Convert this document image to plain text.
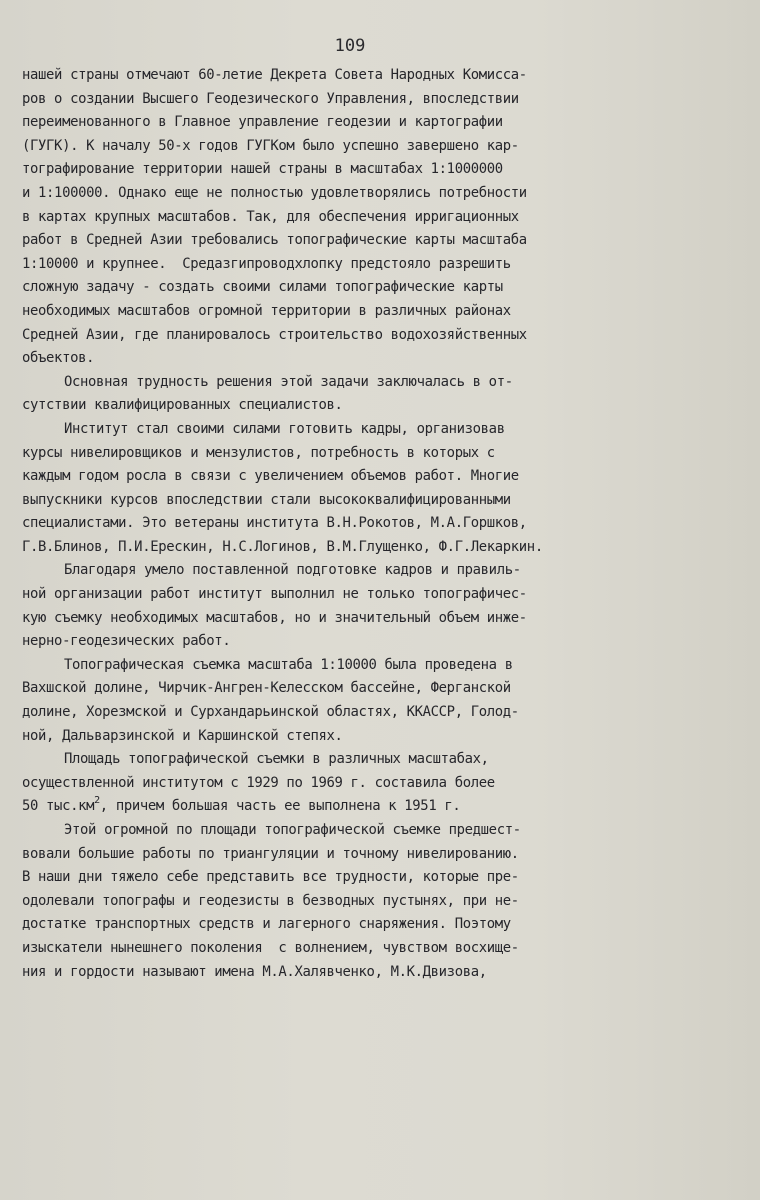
109
нашей страны отмечают 60-летие Декрета Совета Народных Комисса-
ров о создании Высшего Геодезического Управления, впоследствии
переименованного в Главное управление геодезии и картографии
(ГУГК). К началу 50-х годов ГУГКом было успешно завершено кар-
тографирование территории нашей страны в масштабах 1:1000000
и 1:100000. Однако еще не полностью удовлетворялись потребности
в картах крупных масштабов. Так, для обеспечения ирригационных
работ в Средней Азии требовались топографические карты масштаба
1:10000 и крупнее.  Средазгипроводхлопку предстояло разрешить
сложную задачу - создать своими силами топографические карты
необходимых масштабов огромной территории в различных районах
Средней Азии, где планировалось строительство водохозяйственных
объектов.
Основная трудность решения этой задачи заключалась в от-
сутствии квалифицированных специалистов.
Институт стал своими силами готовить кадры, организовав
курсы нивелировщиков и мензулистов, потребность в которых с
каждым годом росла в связи с увеличением объемов работ. Многие
выпускники курсов впоследствии стали высококвалифицированными
специалистами. Это ветераны института В.Н.Рокотов, М.А.Горшков,
Г.В.Блинов, П.И.Ерескин, Н.С.Логинов, В.М.Глущенко, Ф.Г.Лекаркин.
Благодаря умело поставленной подготовке кадров и правиль-
ной организации работ институт выполнил не только топографичес-
кую съемку необходимых масштабов, но и значительный объем инже-
нерно-геодезических работ.
Топографическая съемка масштаба 1:10000 была проведена в
Вахшской долине, Чирчик-Ангрен-Келесском бассейне, Ферганской
долине, Хорезмской и Сурхандарьинской областях, ККАССР, Голод-
ной, Дальварзинской и Каршинской степях.
Площадь топографической съемки в различных масштабах,
осуществленной институтом с 1929 по 1969 г. составила более
50 $тыс.км^2$, причем большая часть ее выполнена к 1951 г.
Этой огромной по площади топографической съемке предшест-
вовали большие работы по триангуляции и точному нивелированию.
В наши дни тяжело себе представить все трудности, которые пре-
одолевали топографы и геодезисты в безводных пустынях, при не-
достатке транспортных средств и лагерного снаряжения. Поэтому
изыскатели нынешнего поколения  с волнением, чувством восхище-
ния и гордости называют имена М.А.Халявченко, М.К.Двизова,
